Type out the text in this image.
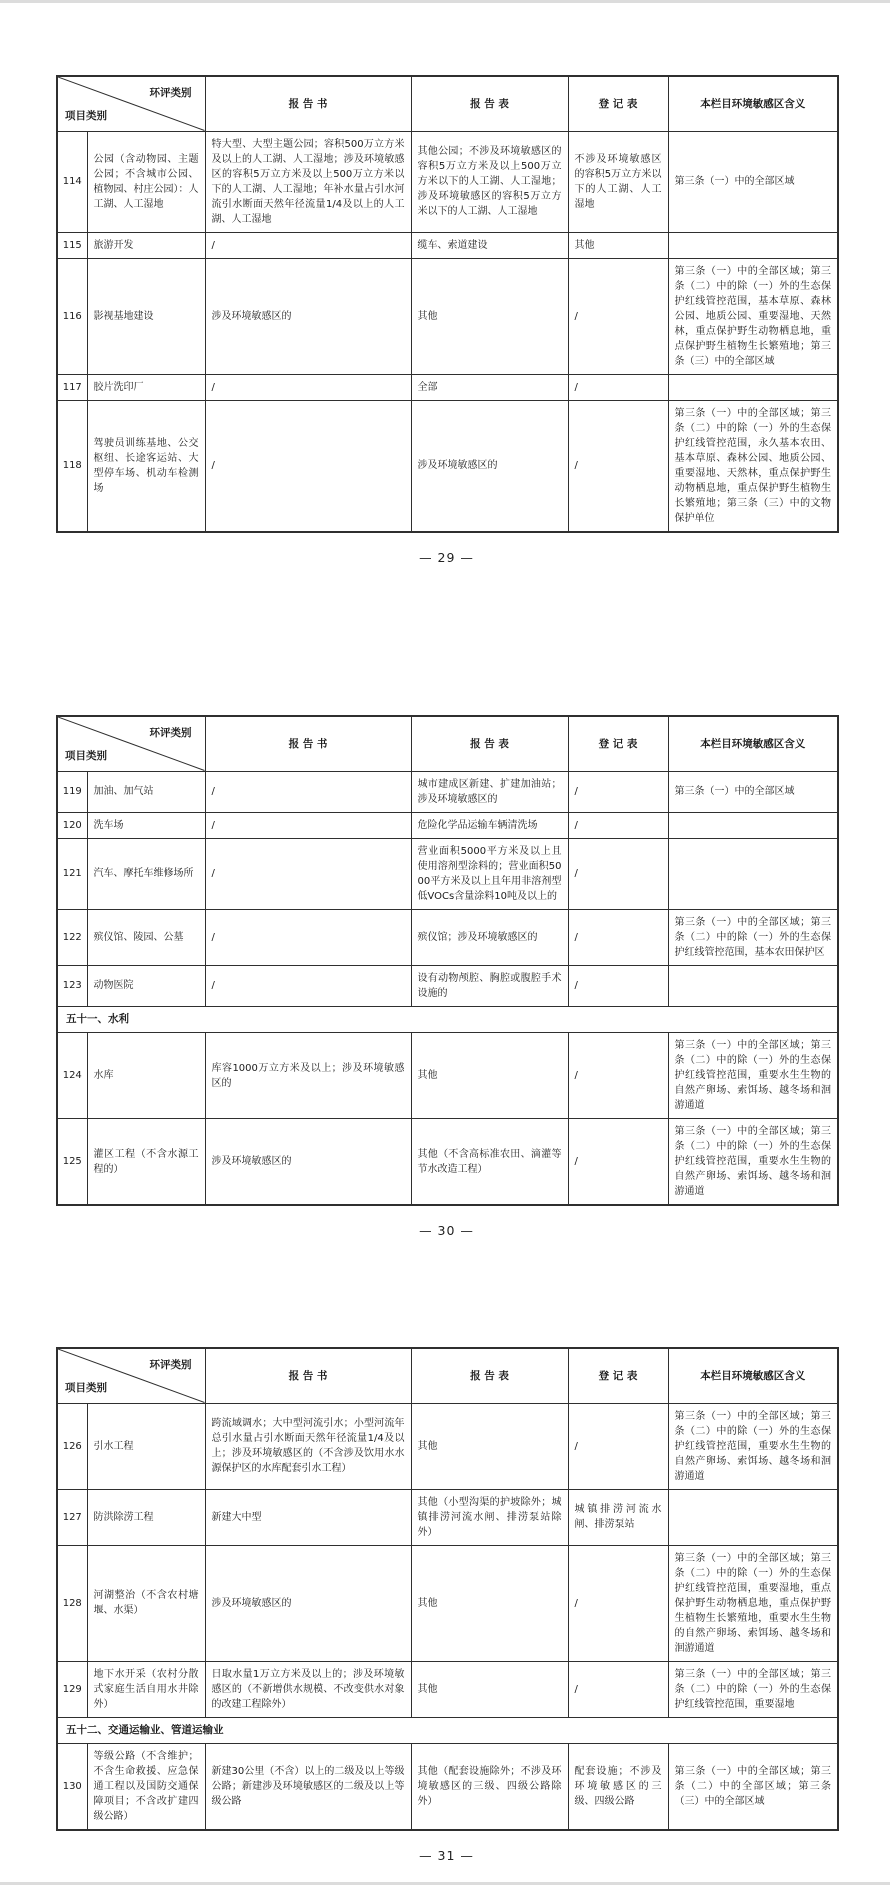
环评类别
项目类别		报 告 书	报 告 表	登 记 表	本栏目环境敏感区含义
114	公园（含动物园、主题公园；不含城市公园、植物园、村庄公园）：人工湖、人工湿地	特大型、大型主题公园；容积500万立方米及以上的人工湖、人工湿地；涉及环境敏感区的容积5万立方米及以上500万立方米以下的人工湖、人工湿地；年补水量占引水河流引水断面天然年径流量1/4及以上的人工湖、人工湿地	其他公园；不涉及环境敏感区的容积5万立方米及以上500万立方米以下的人工湖、人工湿地；涉及环境敏感区的容积5万立方米以下的人工湖、人工湿地	不涉及环境敏感区的容积5万立方米以下的人工湖、人工湿地	第三条（一）中的全部区域
115	旅游开发	/	缆车、索道建设	其他	
116	影视基地建设	涉及环境敏感区的	其他	/	第三条（一）中的全部区域；第三条（二）中的除（一）外的生态保护红线管控范围，基本草原、森林公园、地质公园、重要湿地、天然林，重点保护野生动物栖息地，重点保护野生植物生长繁殖地；第三条（三）中的全部区域
117	胶片洗印厂	/	全部	/	
118	驾驶员训练基地、公交枢纽、长途客运站、大型停车场、机动车检测场	/	涉及环境敏感区的	/	第三条（一）中的全部区域；第三条（二）中的除（一）外的生态保护红线管控范围，永久基本农田、基本草原、森林公园、地质公园、重要湿地、天然林，重点保护野生动物栖息地，重点保护野生植物生长繁殖地；第三条（三）中的文物保护单位
— 29 —
环评类别
项目类别		报 告 书	报 告 表	登 记 表	本栏目环境敏感区含义
119	加油、加气站	/	城市建成区新建、扩建加油站；涉及环境敏感区的	/	第三条（一）中的全部区域
120	洗车场	/	危险化学品运输车辆清洗场	/	
121	汽车、摩托车维修场所	/	营业面积5000平方米及以上且使用溶剂型涂料的；营业面积5000平方米及以上且年用非溶剂型低VOCs含量涂料10吨及以上的	/	
122	殡仪馆、陵园、公墓	/	殡仪馆；涉及环境敏感区的	/	第三条（一）中的全部区域；第三条（二）中的除（一）外的生态保护红线管控范围，基本农田保护区
123	动物医院	/	设有动物颅腔、胸腔或腹腔手术设施的	/	
五十一、水利					
124	水库	库容1000万立方米及以上；涉及环境敏感区的	其他	/	第三条（一）中的全部区域；第三条（二）中的除（一）外的生态保护红线管控范围，重要水生生物的自然产卵场、索饵场、越冬场和洄游通道
125	灌区工程（不含水源工程的）	涉及环境敏感区的	其他（不含高标准农田、滴灌等节水改造工程）	/	第三条（一）中的全部区域；第三条（二）中的除（一）外的生态保护红线管控范围，重要水生生物的自然产卵场、索饵场、越冬场和洄游通道
— 30 —
环评类别
项目类别		报 告 书	报 告 表	登 记 表	本栏目环境敏感区含义
126	引水工程	跨流域调水；大中型河流引水；小型河流年总引水量占引水断面天然年径流量1/4及以上；涉及环境敏感区的（不含涉及饮用水水源保护区的水库配套引水工程）	其他	/	第三条（一）中的全部区域；第三条（二）中的除（一）外的生态保护红线管控范围，重要水生生物的自然产卵场、索饵场、越冬场和洄游通道
127	防洪除涝工程	新建大中型	其他（小型沟渠的护坡除外；城镇排涝河流水闸、排涝泵站除外）	城镇排涝河流水闸、排涝泵站	
128	河湖整治（不含农村塘堰、水渠）	涉及环境敏感区的	其他	/	第三条（一）中的全部区域；第三条（二）中的除（一）外的生态保护红线管控范围，重要湿地，重点保护野生动物栖息地，重点保护野生植物生长繁殖地，重要水生生物的自然产卵场、索饵场、越冬场和洄游通道
129	地下水开采（农村分散式家庭生活自用水井除外）	日取水量1万立方米及以上的；涉及环境敏感区的（不新增供水规模、不改变供水对象的改建工程除外）	其他	/	第三条（一）中的全部区域；第三条（二）中的除（一）外的生态保护红线管控范围，重要湿地
五十二、交通运输业、管道运输业					
130	等级公路（不含维护；不含生命救援、应急保通工程以及国防交通保障项目；不含改扩建四级公路）	新建30公里（不含）以上的二级及以上等级公路；新建涉及环境敏感区的二级及以上等级公路	其他（配套设施除外；不涉及环境敏感区的三级、四级公路除外）	配套设施；不涉及环境敏感区的三级、四级公路	第三条（一）中的全部区域；第三条（二）中的全部区域；第三条（三）中的全部区域
— 31 —
